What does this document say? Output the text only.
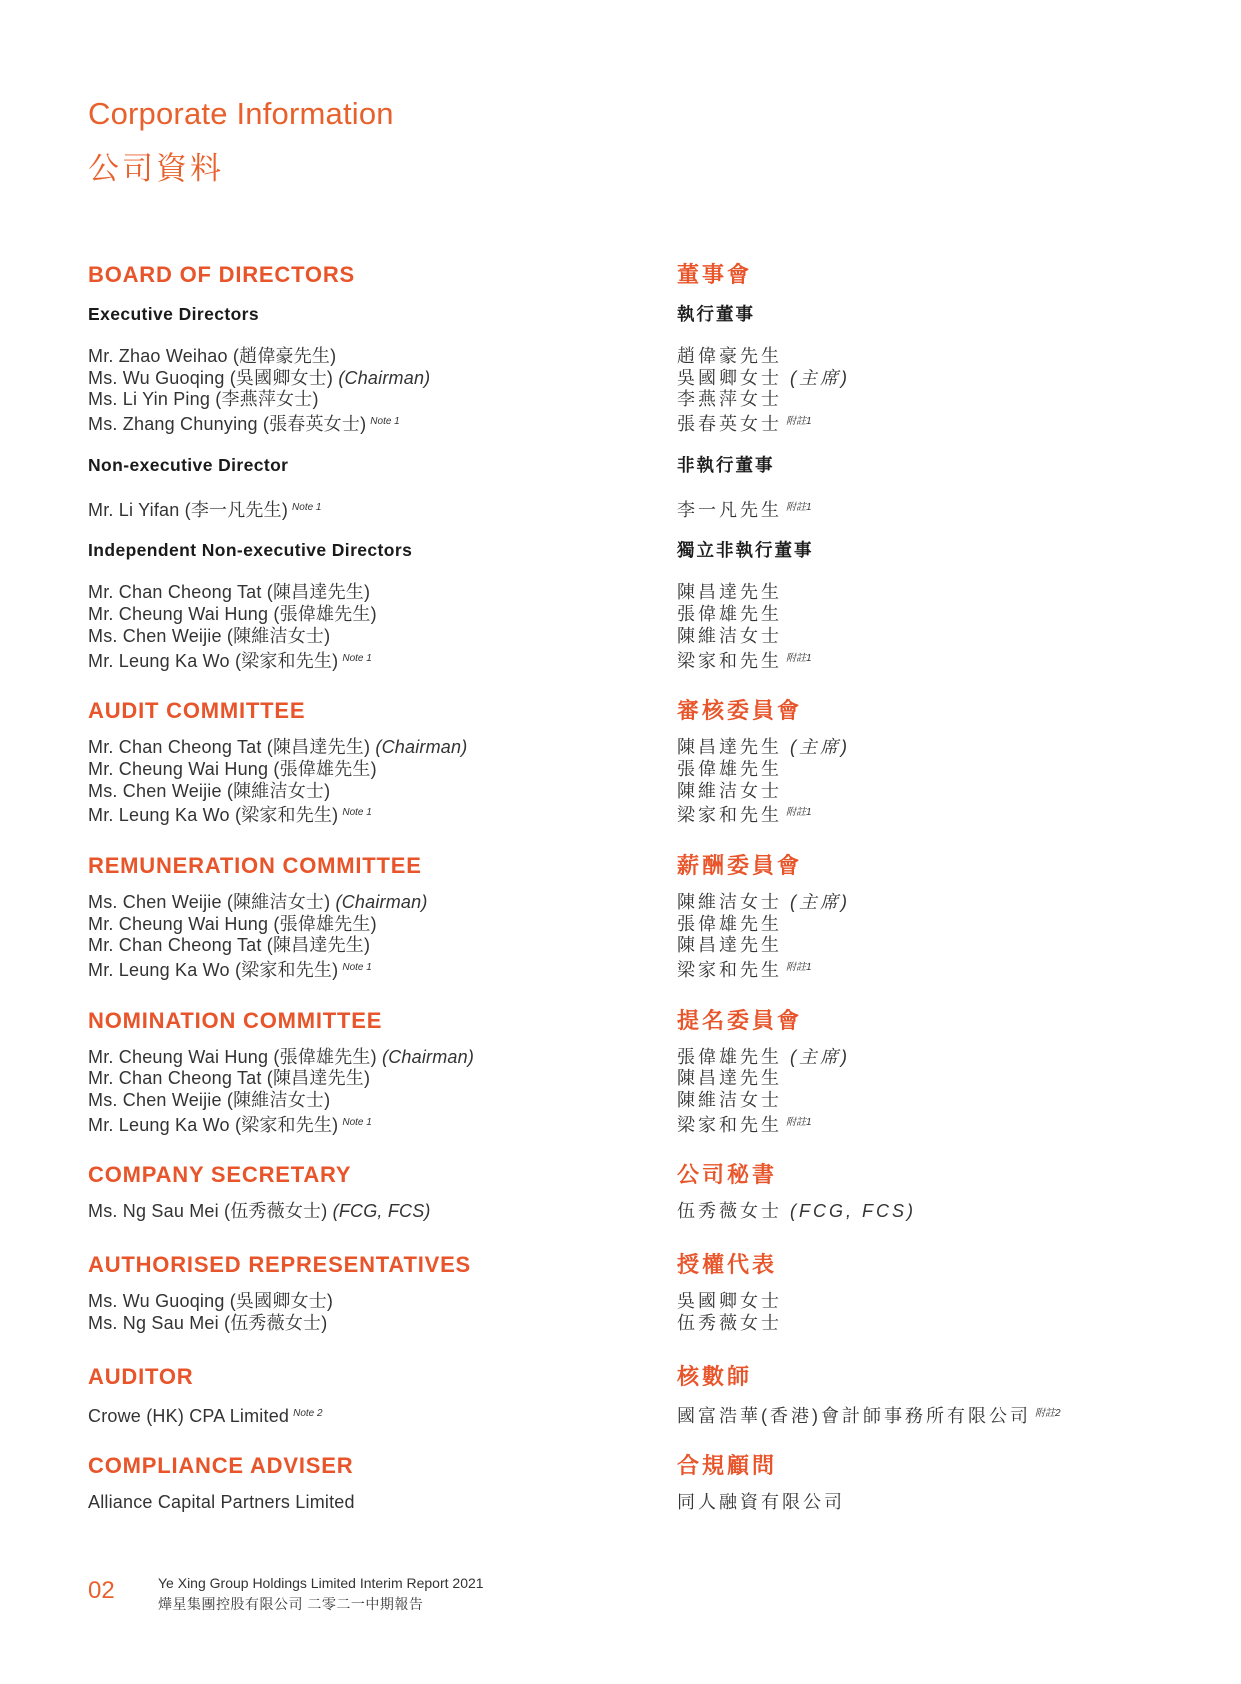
Corporate Information
公司資料
BOARD OF DIRECTORS
Executive Directors
Mr. Zhao Weihao (趙偉豪先生)
Ms. Wu Guoqing (吳國卿女士) (Chairman)
Ms. Li Yin Ping (李燕萍女士)
Ms. Zhang Chunying (張春英女士) $^{Note 1}$
Non-executive Director
Mr. Li Yifan (李一凡先生) $^{Note 1}$
Independent Non-executive Directors
Mr. Chan Cheong Tat (陳昌達先生)
Mr. Cheung Wai Hung (張偉雄先生)
Ms. Chen Weijie (陳維洁女士)
Mr. Leung Ka Wo (梁家和先生) $^{Note 1}$
AUDIT COMMITTEE
Mr. Chan Cheong Tat (陳昌達先生) (Chairman)
Mr. Cheung Wai Hung (張偉雄先生)
Ms. Chen Weijie (陳維洁女士)
Mr. Leung Ka Wo (梁家和先生) $^{Note 1}$
REMUNERATION COMMITTEE
Ms. Chen Weijie (陳維洁女士) (Chairman)
Mr. Cheung Wai Hung (張偉雄先生)
Mr. Chan Cheong Tat (陳昌達先生)
Mr. Leung Ka Wo (梁家和先生) $^{Note 1}$
NOMINATION COMMITTEE
Mr. Cheung Wai Hung (張偉雄先生) (Chairman)
Mr. Chan Cheong Tat (陳昌達先生)
Ms. Chen Weijie (陳維洁女士)
Mr. Leung Ka Wo (梁家和先生) $^{Note 1}$
COMPANY SECRETARY
Ms. Ng Sau Mei (伍秀薇女士) (FCG, FCS)
AUTHORISED REPRESENTATIVES
Ms. Wu Guoqing (吳國卿女士)
Ms. Ng Sau Mei (伍秀薇女士)
AUDITOR
Crowe (HK) CPA Limited $^{Note 2}$
COMPLIANCE ADVISER
Alliance Capital Partners Limited
董事會
執行董事
趙偉豪先生
吳國卿女士 (主席)
李燕萍女士
張春英女士 $^{附註1}$
非執行董事
李一凡先生 $^{附註1}$
獨立非執行董事
陳昌達先生
張偉雄先生
陳維洁女士
梁家和先生 $^{附註1}$
審核委員會
陳昌達先生 (主席)
張偉雄先生
陳維洁女士
梁家和先生 $^{附註1}$
薪酬委員會
陳維洁女士 (主席)
張偉雄先生
陳昌達先生
梁家和先生 $^{附註1}$
提名委員會
張偉雄先生 (主席)
陳昌達先生
陳維洁女士
梁家和先生 $^{附註1}$
公司秘書
伍秀薇女士 (FCG, FCS)
授權代表
吳國卿女士
伍秀薇女士
核數師
國富浩華(香港)會計師事務所有限公司 $^{附註2}$
合規顧問
同人融資有限公司
02	Ye Xing Group Holdings Limited Interim Report 2021
燁星集團控股有限公司 二零二一中期報告
